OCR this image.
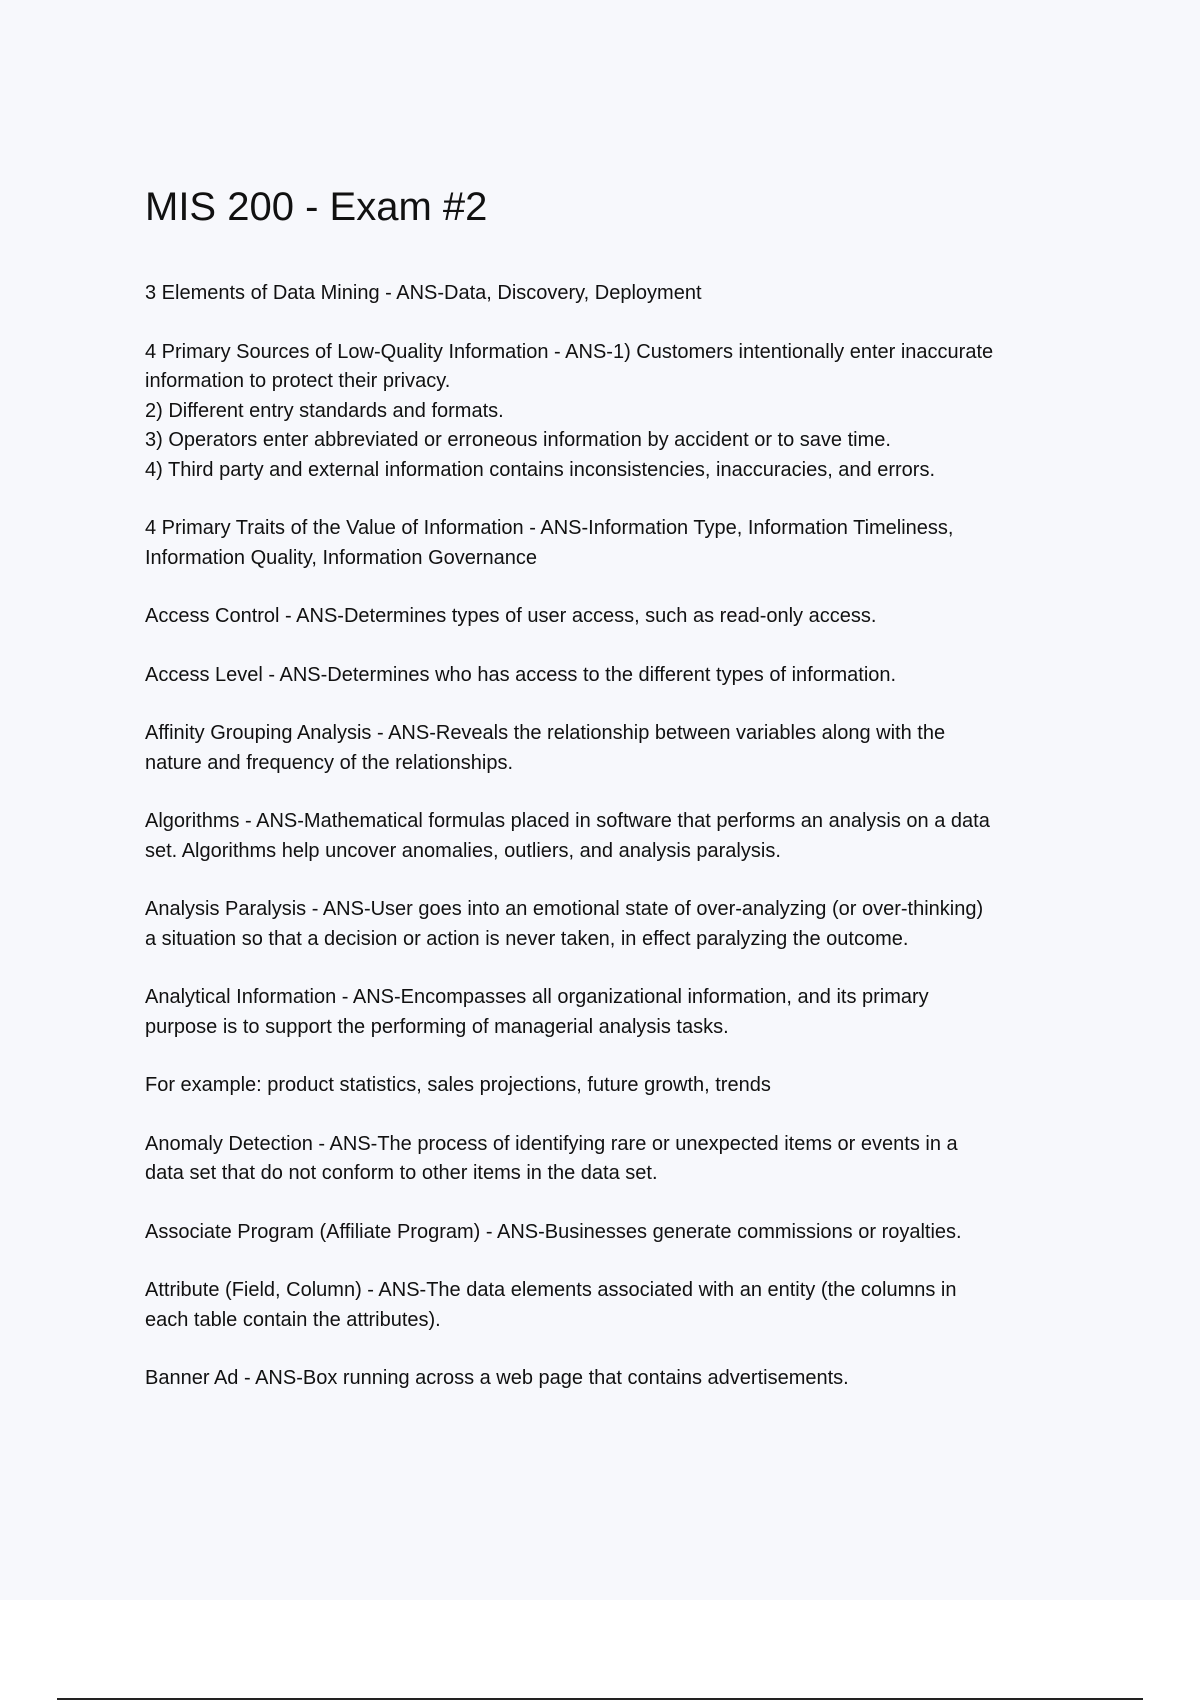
MIS 200 - Exam #2

3 Elements of Data Mining - ANS-Data, Discovery, Deployment

4 Primary Sources of Low-Quality Information - ANS-1) Customers intentionally enter inaccurate
information to protect their privacy.
2) Different entry standards and formats.
3) Operators enter abbreviated or erroneous information by accident or to save time.
4) Third party and external information contains inconsistencies, inaccuracies, and errors.

4 Primary Traits of the Value of Information - ANS-Information Type, Information Timeliness,
Information Quality, Information Governance

Access Control - ANS-Determines types of user access, such as read-only access.

Access Level - ANS-Determines who has access to the different types of information.

Affinity Grouping Analysis - ANS-Reveals the relationship between variables along with the
nature and frequency of the relationships.

Algorithms - ANS-Mathematical formulas placed in software that performs an analysis on a data
set. Algorithms help uncover anomalies, outliers, and analysis paralysis.

Analysis Paralysis - ANS-User goes into an emotional state of over-analyzing (or over-thinking)
a situation so that a decision or action is never taken, in effect paralyzing the outcome.

Analytical Information - ANS-Encompasses all organizational information, and its primary
purpose is to support the performing of managerial analysis tasks.

For example: product statistics, sales projections, future growth, trends

Anomaly Detection - ANS-The process of identifying rare or unexpected items or events in a
data set that do not conform to other items in the data set.

Associate Program (Affiliate Program) - ANS-Businesses generate commissions or royalties.

Attribute (Field, Column) - ANS-The data elements associated with an entity (the columns in
each table contain the attributes).

Banner Ad - ANS-Box running across a web page that contains advertisements.
